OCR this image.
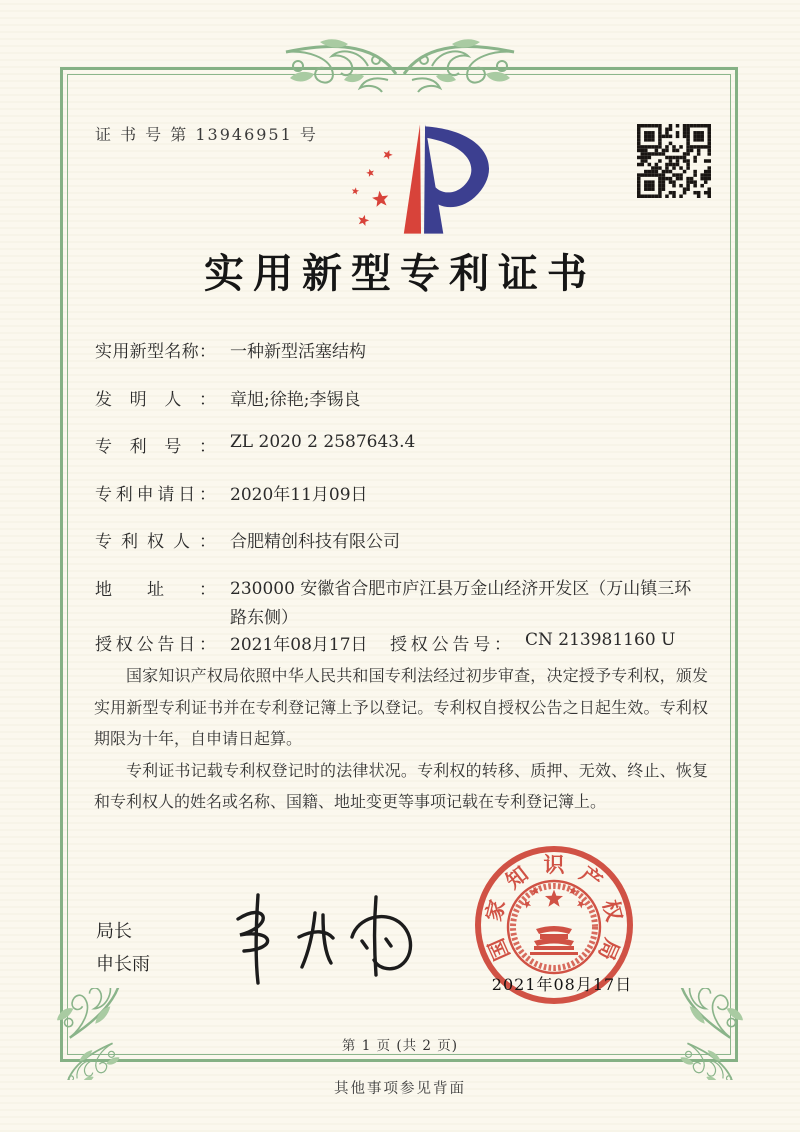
证 书 号 第 13946951 号
实用新型专利证书
实用新型名称： 一种新型活塞结构
发明人： 章旭;徐艳;李锡良
专利号： ZL 2020 2 2587643.4
专利申请日： 2020年11月09日
专利权人： 合肥精创科技有限公司
地址： 230000 安徽省合肥市庐江县万金山经济开发区（万山镇三环路东侧）
授权公告日： 2021年08月17日 授权公告号： CN 213981160 U

国家知识产权局依照中华人民共和国专利法经过初步审查，决定授予专利权，颁发实用新型专利证书并在专利登记簿上予以登记。专利权自授权公告之日起生效。专利权期限为十年，自申请日起算。

专利证书记载专利权登记时的法律状况。专利权的转移、质押、无效、终止、恢复和专利权人的姓名或名称、国籍、地址变更等事项记载在专利登记簿上。

局长
申长雨
国
家
知 识 产
权
局
2021年08月17日
第 1 页 (共 2 页)
其他事项参见背面
